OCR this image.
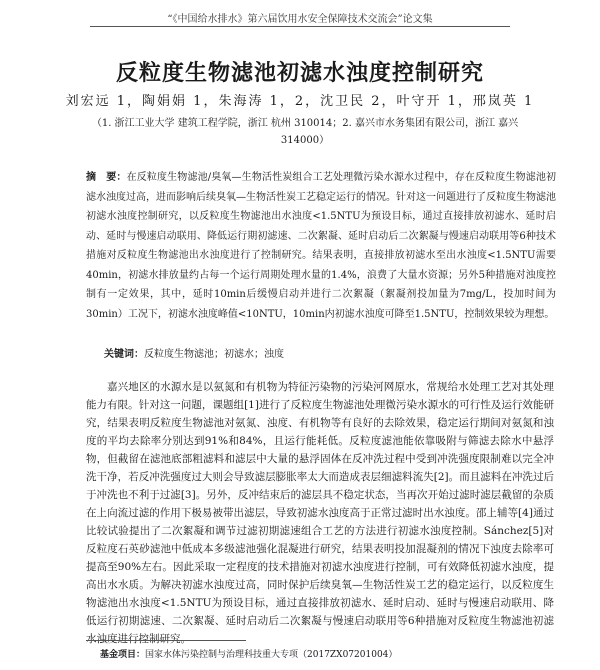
“《中国给水排水》第六届饮用水安全保障技术交流会”论文集
反粒度生物滤池初滤水浊度控制研究
刘宏远 1，陶娟娟 1，朱海涛 1，2，沈卫民 2，叶守开 1，邢岚英 1
（1. 浙江工业大学 建筑工程学院，浙江 杭州 310014；2. 嘉兴市水务集团有限公司，浙江 嘉兴 314000）
摘　要：在反粒度生物滤池/臭氧—生物活性炭组合工艺处理微污染水源水过程中，存在反粒度生物滤池初滤水浊度过高，进而影响后续臭氧—生物活性炭工艺稳定运行的情况。针对这一问题进行了反粒度生物滤池初滤水浊度控制研究，以反粒度生物滤池出水浊度<1.5NTU为预设目标，通过直接排放初滤水、延时启动、延时与慢速启动联用、降低运行期初滤速、二次絮凝、延时启动后二次絮凝与慢速启动联用等6种技术措施对反粒度生物滤池出水浊度进行了控制研究。结果表明，直接排放初滤水至出水浊度<1.5NTU需要40min，初滤水排放量约占每一个运行周期处理水量的1.4%，浪费了大量水资源；另外5种措施对浊度控制有一定效果，其中，延时10min后缓慢启动并进行二次絮凝（絮凝剂投加量为7mg/L，投加时间为30min）工况下，初滤水浊度峰值<10NTU，10min内初滤水浊度可降至1.5NTU，控制效果较为理想。
关键词：反粒度生物滤池；初滤水；浊度
嘉兴地区的水源水是以氨氮和有机物为特征污染物的污染河网原水，常规给水处理工艺对其处理能力有限。针对这一问题，课题组[1]进行了反粒度生物滤池处理微污染水源水的可行性及运行效能研究，结果表明反粒度生物滤池对氨氮、浊度、有机物等有良好的去除效果，稳定运行期间对氨氮和浊度的平均去除率分别达到91%和84%，且运行能耗低。反粒度滤池能依靠吸附与筛滤去除水中悬浮物，但截留在滤池底部粗滤料和滤层中大量的悬浮固体在反冲洗过程中受到冲洗强度限制难以完全冲洗干净，若反冲洗强度过大则会导致滤层膨胀率太大而造成表层细滤料流失[2]。而且滤料在冲洗过后于冲洗也不利于过滤[3]。另外，反冲结束后的滤层具不稳定状态，当再次开始过滤时滤层截留的杂质在上向流过滤的作用下极易被带出滤层，导致初滤水浊度高于正常过滤时出水浊度。邵上辅等[4]通过比较试验提出了二次絮凝和调节过滤初期滤速组合工艺的方法进行初滤水浊度控制。Sánchez[5]对反粒度石英砂滤池中低成本多级滤池强化混凝进行研究，结果表明投加混凝剂的情况下浊度去除率可提高至90%左右。因此采取一定程度的技术措施对初滤水浊度进行控制，可有效降低初滤水浊度，提高出水水质。为解决初滤水浊度过高，同时保护后续臭氧—生物活性炭工艺的稳定运行，以反粒度生物滤池出水浊度<1.5NTU为预设目标，通过直接排放初滤水、延时启动、延时与慢速启动联用、降低运行初期滤速、二次絮凝、延时启动后二次絮凝与慢速启动联用等6种措施对反粒度生物滤池初滤水浊度进行控制研究。
基金项目：国家水体污染控制与治理科技重大专项（2017ZX07201004）
